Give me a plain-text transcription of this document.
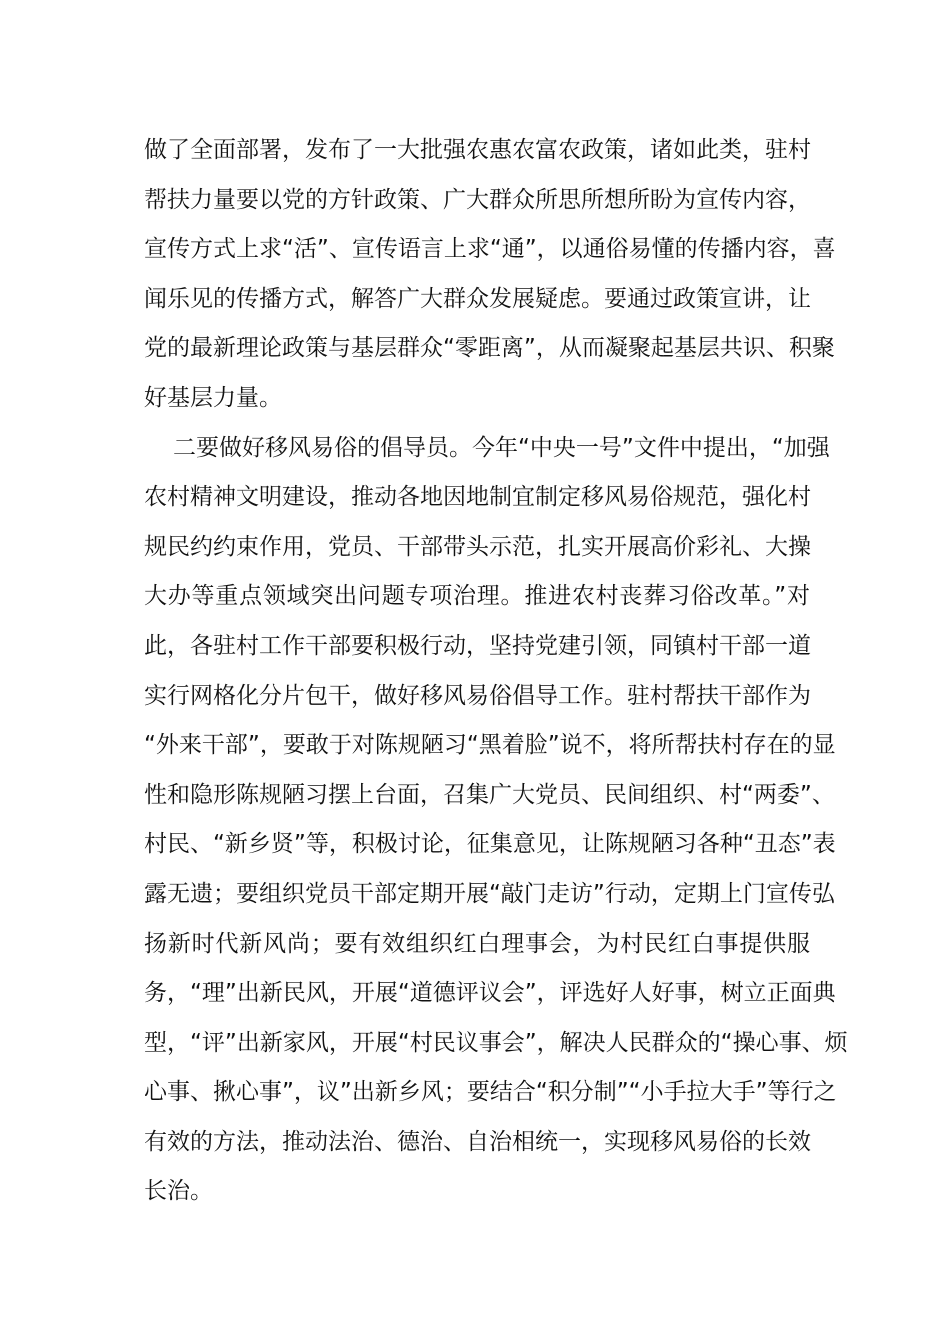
做了全面部署，发布了一大批强农惠农富农政策，诸如此类，驻村
帮扶力量要以党的方针政策、广大群众所思所想所盼为宣传内容，
宣传方式上求“活”、宣传语言上求“通”，以通俗易懂的传播内容，喜
闻乐见的传播方式，解答广大群众发展疑虑。要通过政策宣讲，让
党的最新理论政策与基层群众“零距离”，从而凝聚起基层共识、积聚
好基层力量。
二要做好移风易俗的倡导员。今年“中央一号”文件中提出，“加强
农村精神文明建设，推动各地因地制宜制定移风易俗规范，强化村
规民约约束作用，党员、干部带头示范，扎实开展高价彩礼、大操
大办等重点领域突出问题专项治理。推进农村丧葬习俗改革。”对
此，各驻村工作干部要积极行动，坚持党建引领，同镇村干部一道
实行网格化分片包干，做好移风易俗倡导工作。驻村帮扶干部作为
“外来干部”，要敢于对陈规陋习“黑着脸”说不，将所帮扶村存在的显
性和隐形陈规陋习摆上台面，召集广大党员、民间组织、村“两委”、
村民、“新乡贤”等，积极讨论，征集意见，让陈规陋习各种“丑态”表
露无遗；要组织党员干部定期开展“敲门走访”行动，定期上门宣传弘
扬新时代新风尚；要有效组织红白理事会，为村民红白事提供服
务，“理”出新民风，开展“道德评议会”，评选好人好事，树立正面典
型，“评”出新家风，开展“村民议事会”，解决人民群众的“操心事、烦
心事、揪心事”，议”出新乡风；要结合“积分制”“小手拉大手”等行之
有效的方法，推动法治、德治、自治相统一，实现移风易俗的长效
长治。
